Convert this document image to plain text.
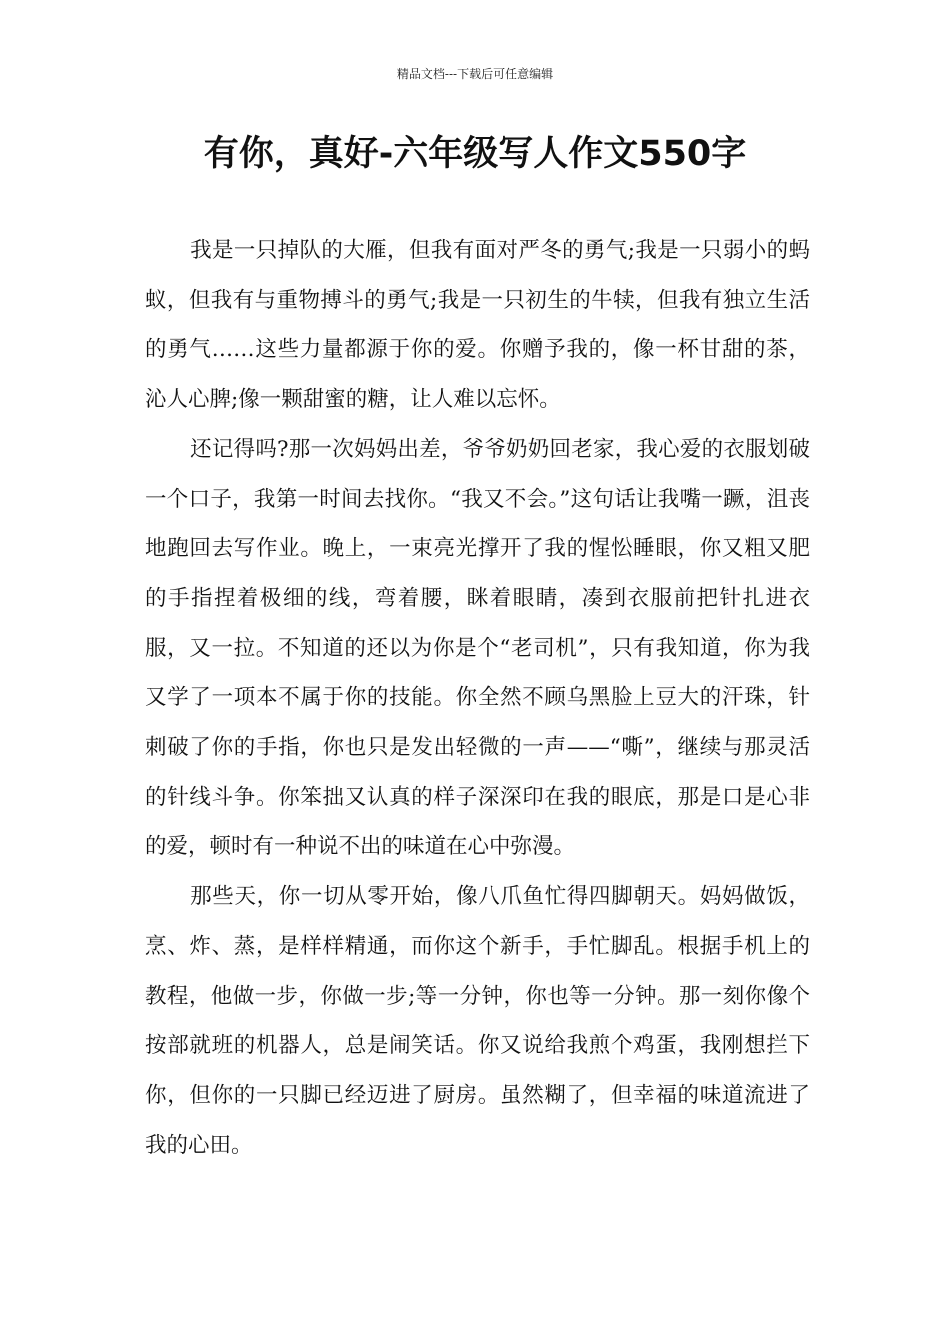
精品文档---下载后可任意编辑
有你，真好-六年级写人作文550字

我是一只掉队的大雁，但我有面对严冬的勇气;我是一只弱小的蚂蚁，但我有与重物搏斗的勇气;我是一只初生的牛犊，但我有独立生活的勇气……这些力量都源于你的爱。你赠予我的，像一杯甘甜的茶，沁人心脾;像一颗甜蜜的糖，让人难以忘怀。

还记得吗?那一次妈妈出差，爷爷奶奶回老家，我心爱的衣服划破一个口子，我第一时间去找你。“我又不会。”这句话让我嘴一蹶，沮丧地跑回去写作业。晚上，一束亮光撑开了我的惺忪睡眼，你又粗又肥的手指捏着极细的线，弯着腰，眯着眼睛，凑到衣服前把针扎进衣服，又一拉。不知道的还以为你是个“老司机”，只有我知道，你为我又学了一项本不属于你的技能。你全然不顾乌黑脸上豆大的汗珠，针刺破了你的手指，你也只是发出轻微的一声——“嘶”，继续与那灵活的针线斗争。你笨拙又认真的样子深深印在我的眼底，那是口是心非的爱，顿时有一种说不出的味道在心中弥漫。

那些天，你一切从零开始，像八爪鱼忙得四脚朝天。妈妈做饭，烹、炸、蒸，是样样精通，而你这个新手，手忙脚乱。根据手机上的教程，他做一步，你做一步;等一分钟，你也等一分钟。那一刻你像个按部就班的机器人，总是闹笑话。你又说给我煎个鸡蛋，我刚想拦下你，但你的一只脚已经迈进了厨房。虽然糊了，但幸福的味道流进了我的心田。
